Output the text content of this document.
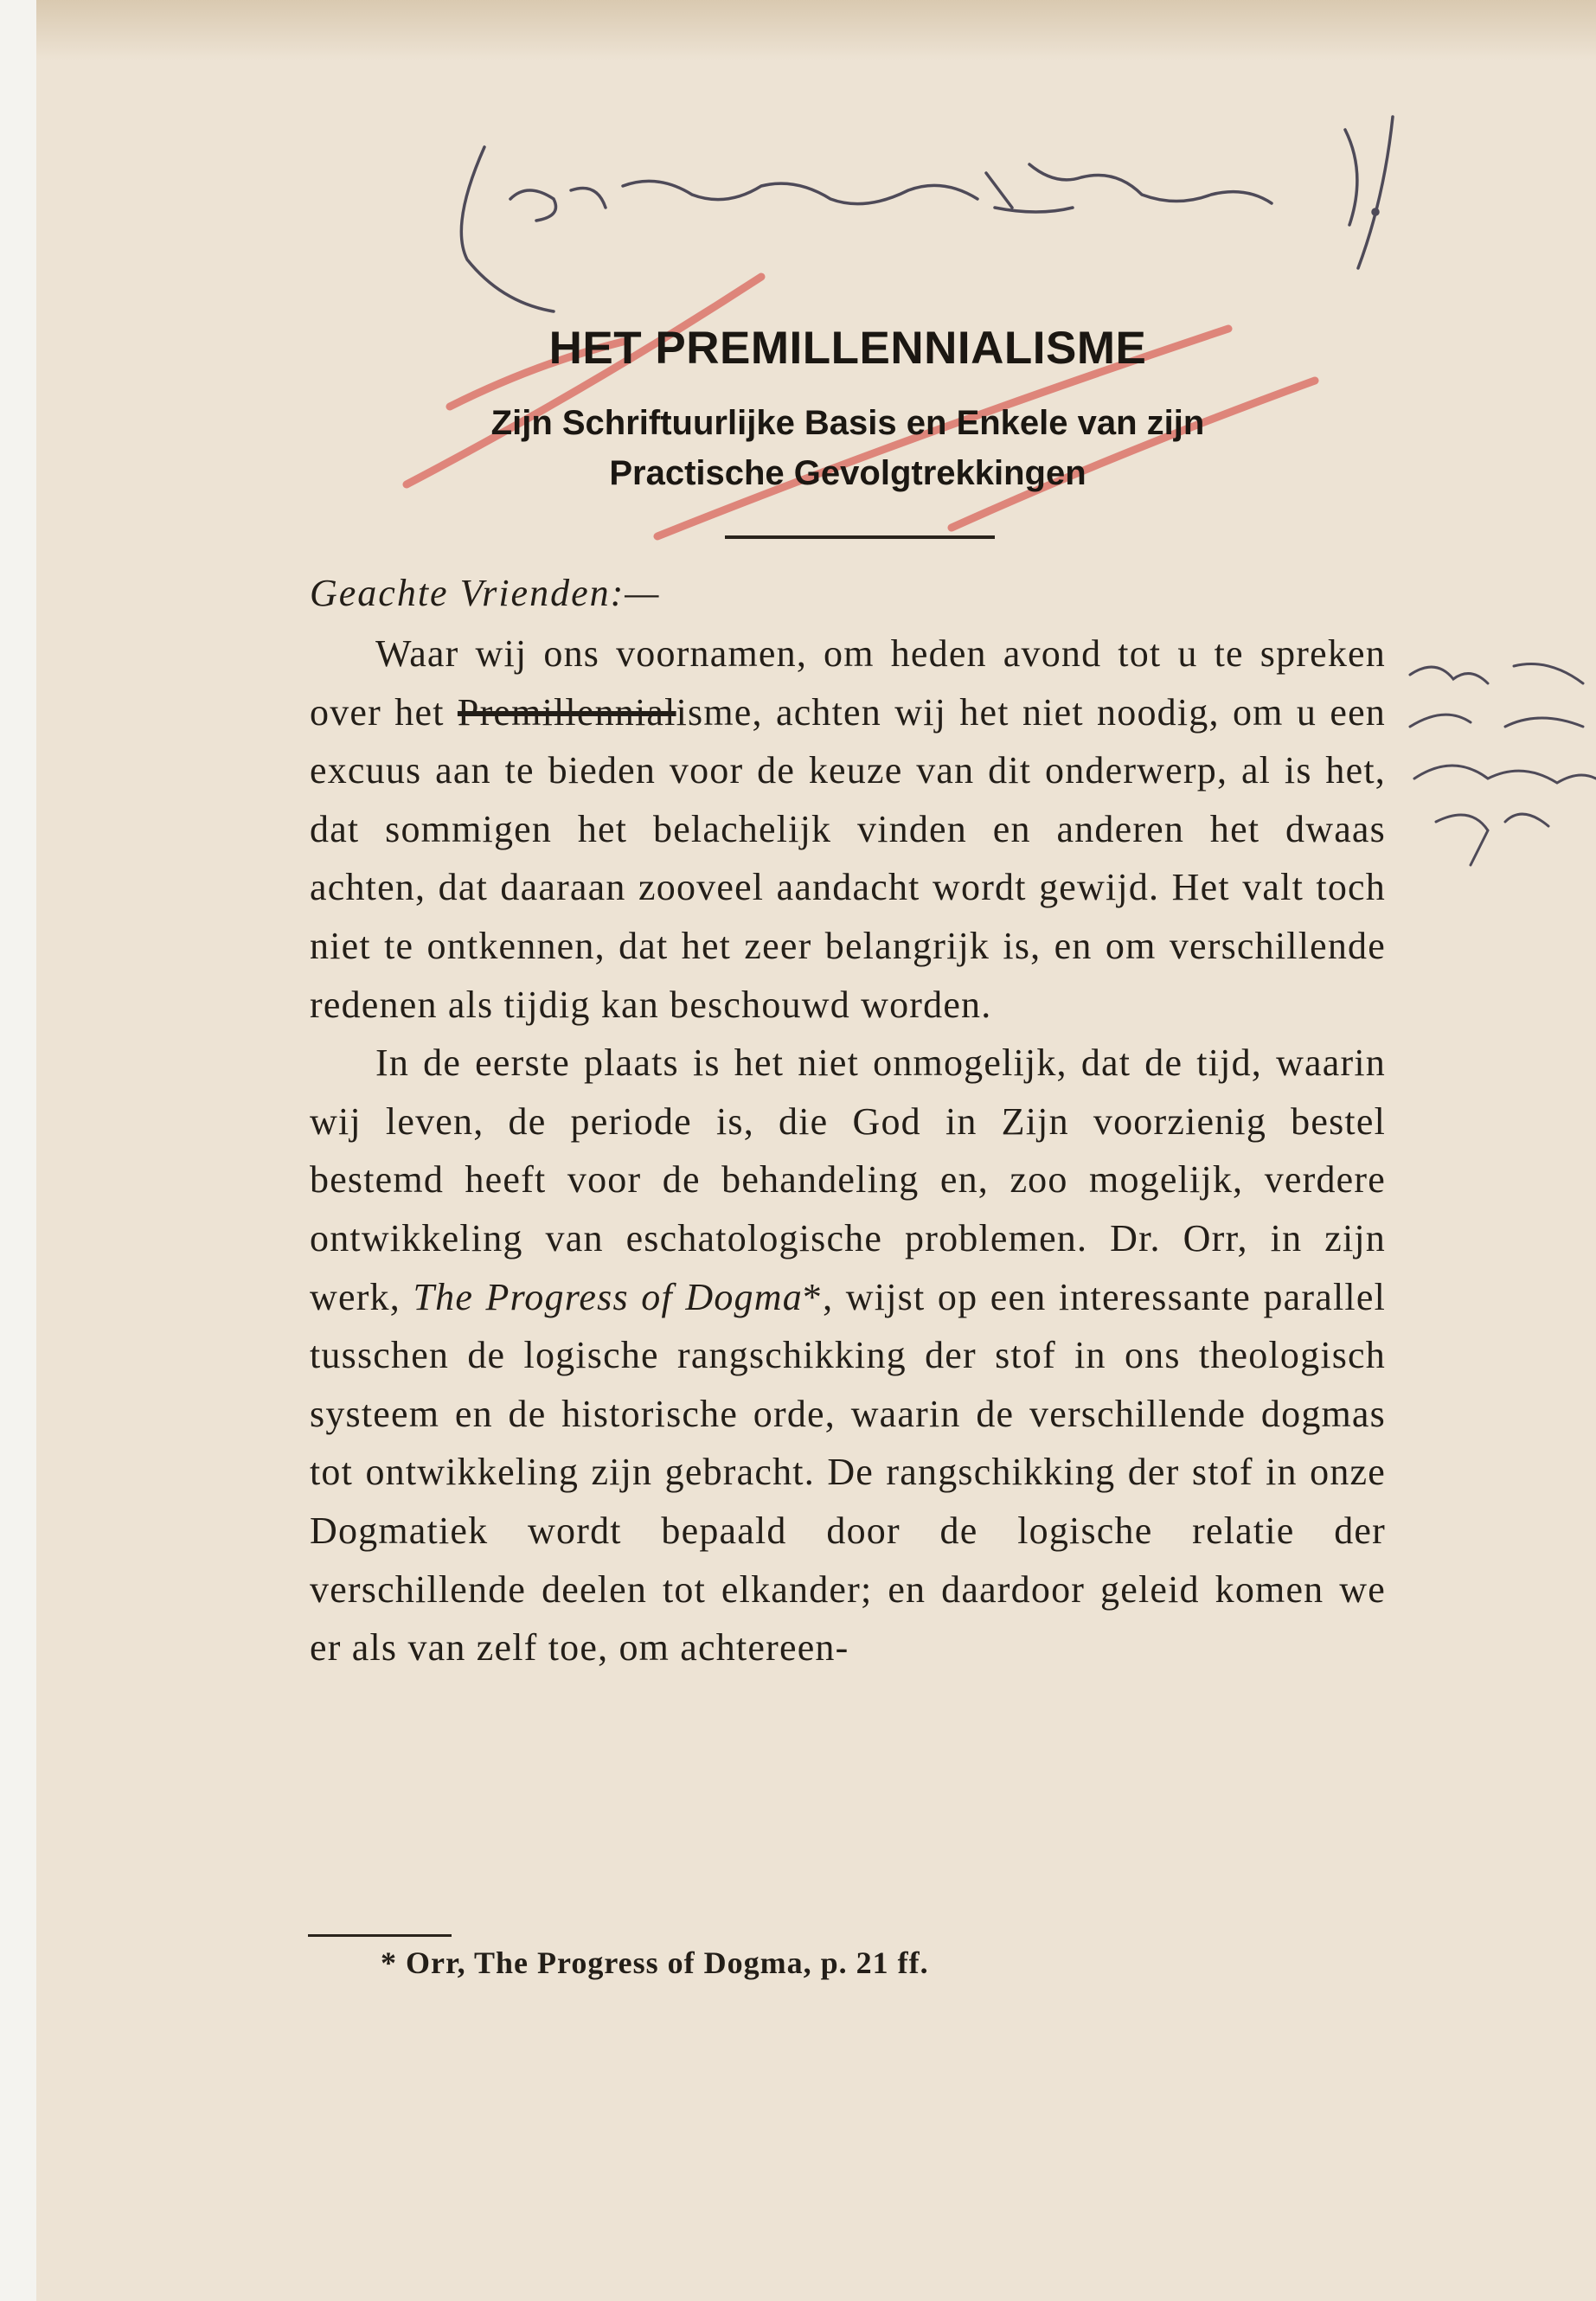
HET PREMILLENNIALISME
Zijn Schriftuurlijke Basis en Enkele van zijn
Practische Gevolgtrekkingen
Geachte Vrienden:—

Waar wij ons voornamen, om heden avond tot u te spreken over het Premillennialisme, achten wij het niet noodig, om u een excuus aan te bieden voor de keuze van dit onderwerp, al is het, dat sommigen het belachelijk vinden en anderen het dwaas achten, dat daaraan zooveel aandacht wordt gewijd. Het valt toch niet te ontkennen, dat het zeer belangrijk is, en om verschillende redenen als tijdig kan beschouwd worden.

In de eerste plaats is het niet onmogelijk, dat de tijd, waarin wij leven, de periode is, die God in Zijn voorzienig bestel bestemd heeft voor de behandeling en, zoo mogelijk, verdere ontwikkeling van eschatologische problemen. Dr. Orr, in zijn werk, The Progress of Dogma*, wijst op een interessante parallel tusschen de logische rangschikking der stof in ons theologisch systeem en de historische orde, waarin de verschillende dogmas tot ontwikkeling zijn gebracht. De rangschikking der stof in onze Dogmatiek wordt bepaald door de logische relatie der verschillende deelen tot elkander; en daardoor geleid komen we er als van zelf toe, om achtereen-

* Orr, The Progress of Dogma, p. 21 ff.
